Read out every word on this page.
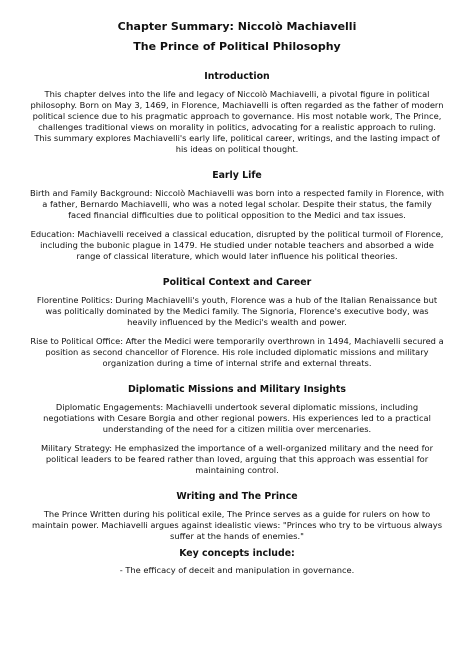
Chapter Summary: Niccolò Machiavelli
The Prince of Political Philosophy
Introduction

This chapter delves into the life and legacy of Niccolò Machiavelli, a pivotal figure in political philosophy. Born on May 3, 1469, in Florence, Machiavelli is often regarded as the father of modern political science due to his pragmatic approach to governance. His most notable work, The Prince, challenges traditional views on morality in politics, advocating for a realistic approach to ruling. This summary explores Machiavelli's early life, political career, writings, and the lasting impact of his ideas on political thought.

Early Life

Birth and Family Background: Niccolò Machiavelli was born into a respected family in Florence, with a father, Bernardo Machiavelli, who was a noted legal scholar. Despite their status, the family faced financial difficulties due to political opposition to the Medici and tax issues.

Education: Machiavelli received a classical education, disrupted by the political turmoil of Florence, including the bubonic plague in 1479. He studied under notable teachers and absorbed a wide range of classical literature, which would later influence his political theories.

Political Context and Career

Florentine Politics: During Machiavelli's youth, Florence was a hub of the Italian Renaissance but was politically dominated by the Medici family. The Signoria, Florence's executive body, was heavily influenced by the Medici's wealth and power.

Rise to Political Office: After the Medici were temporarily overthrown in 1494, Machiavelli secured a position as second chancellor of Florence. His role included diplomatic missions and military organization during a time of internal strife and external threats.

Diplomatic Missions and Military Insights

Diplomatic Engagements: Machiavelli undertook several diplomatic missions, including negotiations with Cesare Borgia and other regional powers. His experiences led to a practical understanding of the need for a citizen militia over mercenaries.

Military Strategy: He emphasized the importance of a well-organized military and the need for political leaders to be feared rather than loved, arguing that this approach was essential for maintaining control.

Writing and The Prince

The Prince Written during his political exile, The Prince serves as a guide for rulers on how to maintain power. Machiavelli argues against idealistic views: "Princes who try to be virtuous always suffer at the hands of enemies."

Key concepts include:

- The efficacy of deceit and manipulation in governance.
